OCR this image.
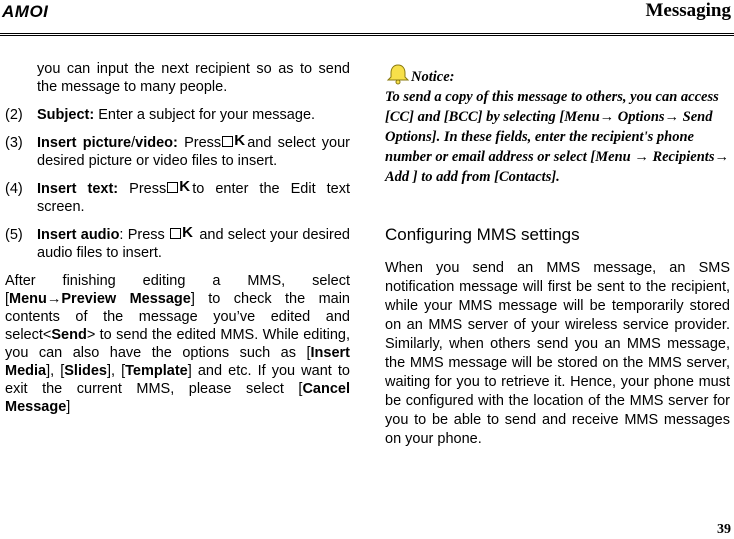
AMOI	Messaging
you can input the next recipient so as to send the message to many people.
(2) Subject: Enter a subject for your message.
(3) Insert picture/video: Press K and select your desired picture or video files to insert.
(4) Insert text: Press K to enter the Edit text screen.
(5) Insert audio: Press K and select your desired audio files to insert.
After finishing editing a MMS, select [Menu→Preview Message] to check the main contents of the message you’ve edited and select<Send> to send the edited MMS. While editing, you can also have the options such as [Insert Media], [Slides], [Template] and etc. If you want to exit the current MMS, please select [Cancel Message]
Notice:
To send a copy of this message to others, you can access [CC] and [BCC] by selecting [Menu→ Options→ Send Options]. In these fields, enter the recipient's phone number or email address or select [Menu → Recipients→ Add ] to add from [Contacts].
Configuring MMS settings
When you send an MMS message, an SMS notification message will first be sent to the recipient, while your MMS message will be temporarily stored on an MMS server of your wireless service provider. Similarly, when others send you an MMS message, the MMS message will be stored on the MMS server, waiting for you to retrieve it. Hence, your phone must be configured with the location of the MMS server for you to be able to send and receive MMS messages on your phone.
39
